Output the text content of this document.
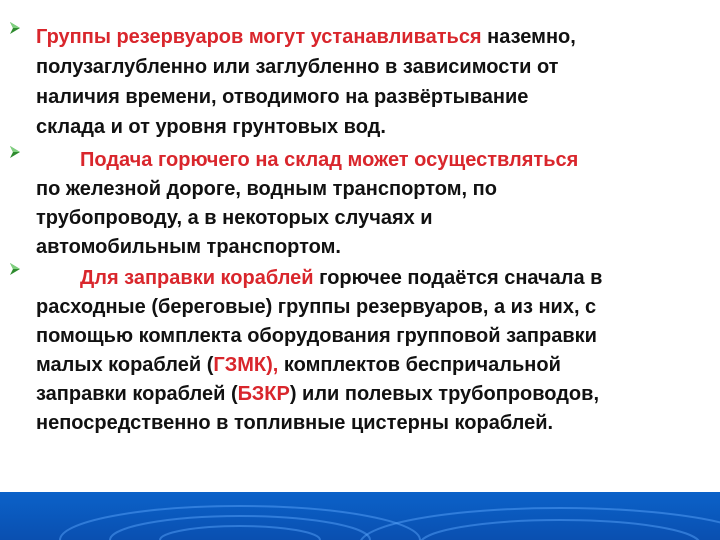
Группы резервуаров могут устанавливаться наземно,
полузаглубленно или заглубленно в зависимости от
наличия времени, отводимого на развёртывание
склада и от уровня грунтовых вод.
Подача горючего на склад может осуществляться
по железной дороге, водным транспортом, по
трубопроводу, а в некоторых случаях и
автомобильным транспортом.
Для заправки кораблей горючее подаётся сначала в
расходные (береговые) группы резервуаров, а из них, с
помощью комплекта оборудования групповой заправки
малых кораблей (ГЗМК), комплектов беспричальной
заправки кораблей (БЗКР) или полевых трубопроводов,
непосредственно в топливные цистерны кораблей.
